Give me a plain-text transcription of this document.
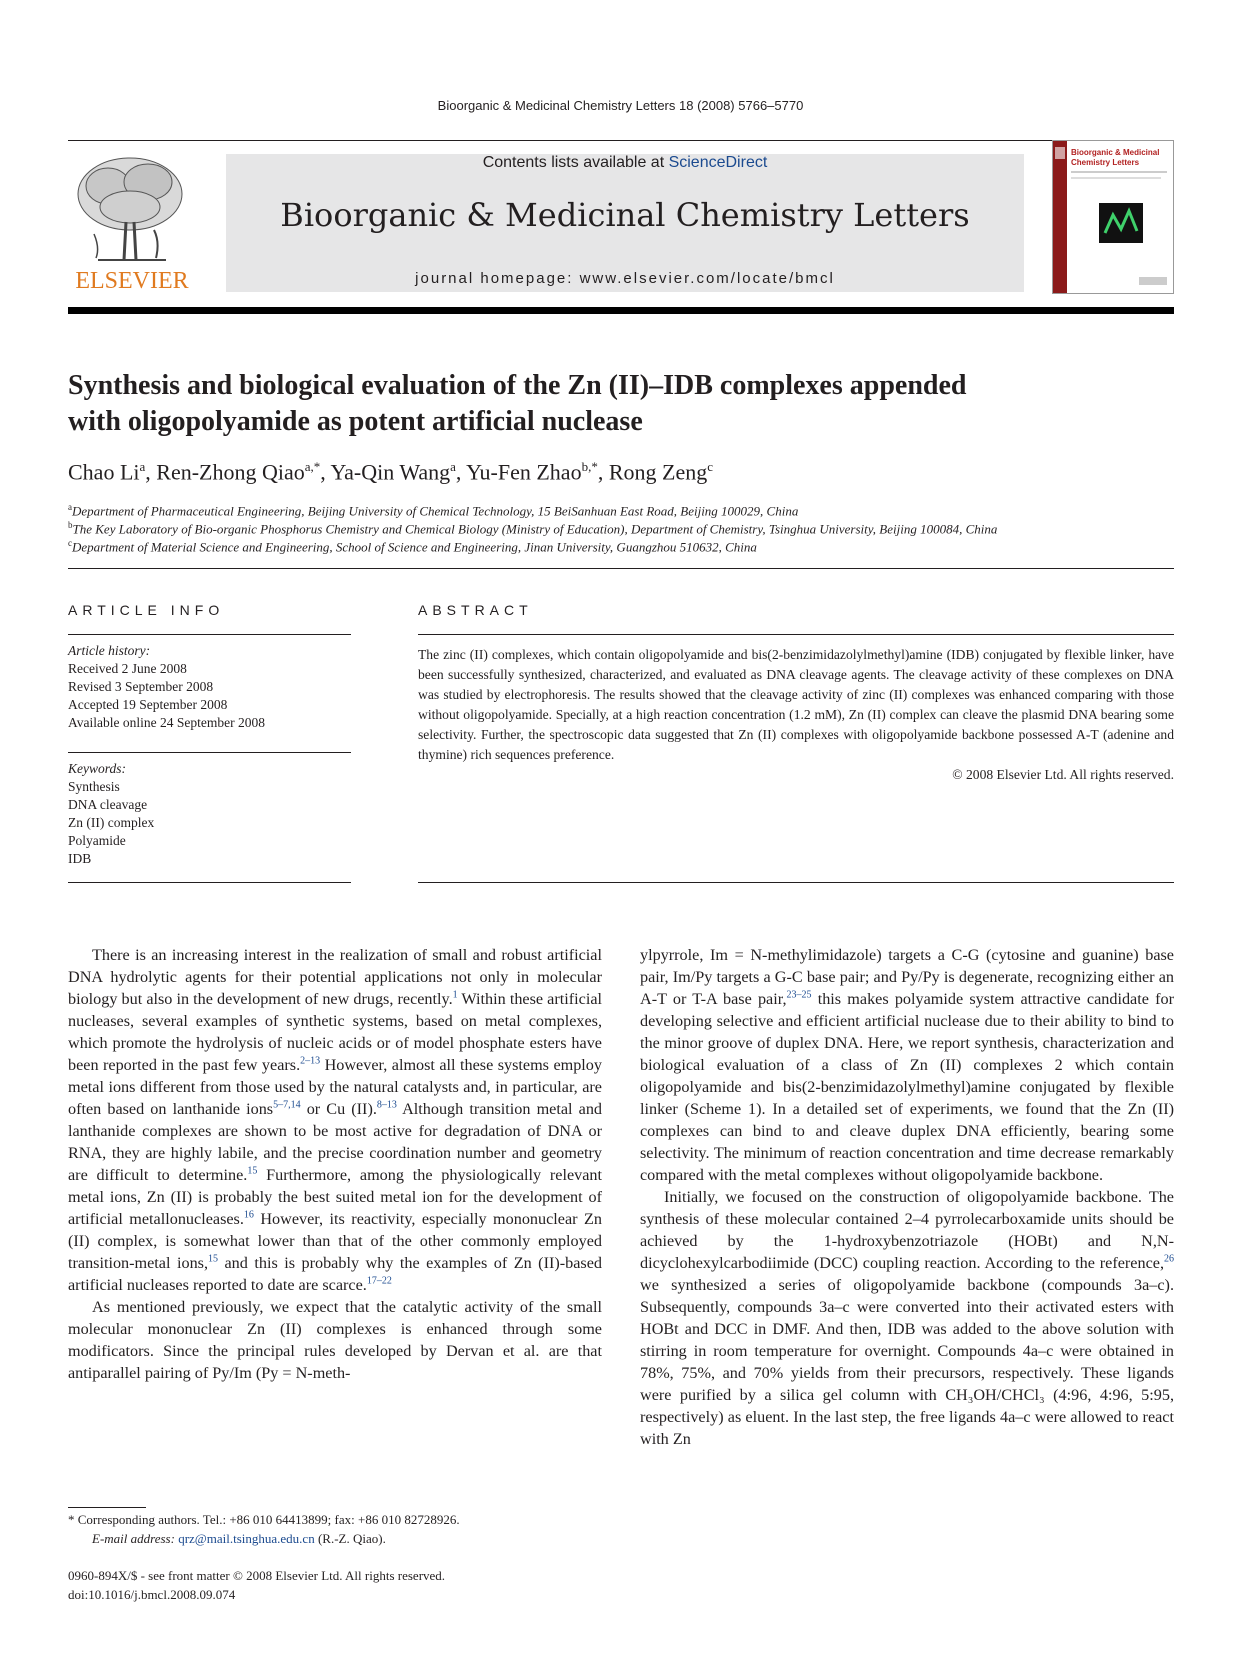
Bioorganic & Medicinal Chemistry Letters 18 (2008) 5766–5770
ELSEVIER
Contents lists available at ScienceDirect
Bioorganic & Medicinal Chemistry Letters
journal homepage: www.elsevier.com/locate/bmcl
Bioorganic & Medicinal
Chemistry Letters
Synthesis and biological evaluation of the Zn (II)–IDB complexes appended
with oligopolyamide as potent artificial nuclease
Chao Li$^a$, Ren-Zhong Qiao$^{a,*}$, Ya-Qin Wang$^a$, Yu-Fen Zhao$^{b,*}$, Rong Zeng$^c$
$^a$Department of Pharmaceutical Engineering, Beijing University of Chemical Technology, 15 BeiSanhuan East Road, Beijing 100029, China
$^b$The Key Laboratory of Bio-organic Phosphorus Chemistry and Chemical Biology (Ministry of Education), Department of Chemistry, Tsinghua University, Beijing 100084, China
$^c$Department of Material Science and Engineering, School of Science and Engineering, Jinan University, Guangzhou 510632, China
ARTICLE INFO
Article history:
Received 2 June 2008
Revised 3 September 2008
Accepted 19 September 2008
Available online 24 September 2008
Keywords:
Synthesis
DNA cleavage
Zn (II) complex
Polyamide
IDB
ABSTRACT
The zinc (II) complexes, which contain oligopolyamide and bis(2-benzimidazolylmethyl)amine (IDB) conjugated by flexible linker, have been successfully synthesized, characterized, and evaluated as DNA cleavage agents. The cleavage activity of these complexes on DNA was studied by electrophoresis. The results showed that the cleavage activity of zinc (II) complexes was enhanced comparing with those without oligopolyamide. Specially, at a high reaction concentration (1.2 mM), Zn (II) complex can cleave the plasmid DNA bearing some selectivity. Further, the spectroscopic data suggested that Zn (II) complexes with oligopolyamide backbone possessed A-T (adenine and thymine) rich sequences preference.
© 2008 Elsevier Ltd. All rights reserved.

There is an increasing interest in the realization of small and robust artificial DNA hydrolytic agents for their potential applications not only in molecular biology but also in the development of new drugs, recently.$^1$ Within these artificial nucleases, several examples of synthetic systems, based on metal complexes, which promote the hydrolysis of nucleic acids or of model phosphate esters have been reported in the past few years.$^{2-13}$ However, almost all these systems employ metal ions different from those used by the natural catalysts and, in particular, are often based on lanthanide ions$^{5-7,14}$ or Cu (II).$^{8-13}$ Although transition metal and lanthanide complexes are shown to be most active for degradation of DNA or RNA, they are highly labile, and the precise coordination number and geometry are difficult to determine.$^{15}$ Furthermore, among the physiologically relevant metal ions, Zn (II) is probably the best suited metal ion for the development of artificial metallonucleases.$^{16}$ However, its reactivity, especially mononuclear Zn (II) complex, is somewhat lower than that of the other commonly employed transition-metal ions,$^{15}$ and this is probably why the examples of Zn (II)-based artificial nucleases reported to date are scarce.$^{17-22}$

As mentioned previously, we expect that the catalytic activity of the small molecular mononuclear Zn (II) complexes is enhanced through some modificators. Since the principal rules developed by Dervan et al. are that antiparallel pairing of Py/Im (Py = N-meth-

ylpyrrole, Im = N-methylimidazole) targets a C-G (cytosine and guanine) base pair, Im/Py targets a G-C base pair; and Py/Py is degenerate, recognizing either an A-T or T-A base pair,$^{23-25}$ this makes polyamide system attractive candidate for developing selective and efficient artificial nuclease due to their ability to bind to the minor groove of duplex DNA. Here, we report synthesis, characterization and biological evaluation of a class of Zn (II) complexes 2 which contain oligopolyamide and bis(2-benzimidazolylmethyl)amine conjugated by flexible linker (Scheme 1). In a detailed set of experiments, we found that the Zn (II) complexes can bind to and cleave duplex DNA efficiently, bearing some selectivity. The minimum of reaction concentration and time decrease remarkably compared with the metal complexes without oligopolyamide backbone.

Initially, we focused on the construction of oligopolyamide backbone. The synthesis of these molecular contained 2–4 pyrrolecarboxamide units should be achieved by the 1-hydroxybenzotriazole (HOBt) and N,N-dicyclohexylcarbodiimide (DCC) coupling reaction. According to the reference,$^{26}$ we synthesized a series of oligopolyamide backbone (compounds 3a–c). Subsequently, compounds 3a–c were converted into their activated esters with HOBt and DCC in DMF. And then, IDB was added to the above solution with stirring in room temperature for overnight. Compounds 4a–c were obtained in 78%, 75%, and 70% yields from their precursors, respectively. These ligands were purified by a silica gel column with CH₃OH/CHCl₃ (4:96, 4:96, 5:95, respectively) as eluent. In the last step, the free ligands 4a–c were allowed to react with Zn

* Corresponding authors. Tel.: +86 010 64413899; fax: +86 010 82728926.
E-mail address: qrz@mail.tsinghua.edu.cn (R.-Z. Qiao).
0960-894X/$ - see front matter © 2008 Elsevier Ltd. All rights reserved.
doi:10.1016/j.bmcl.2008.09.074
